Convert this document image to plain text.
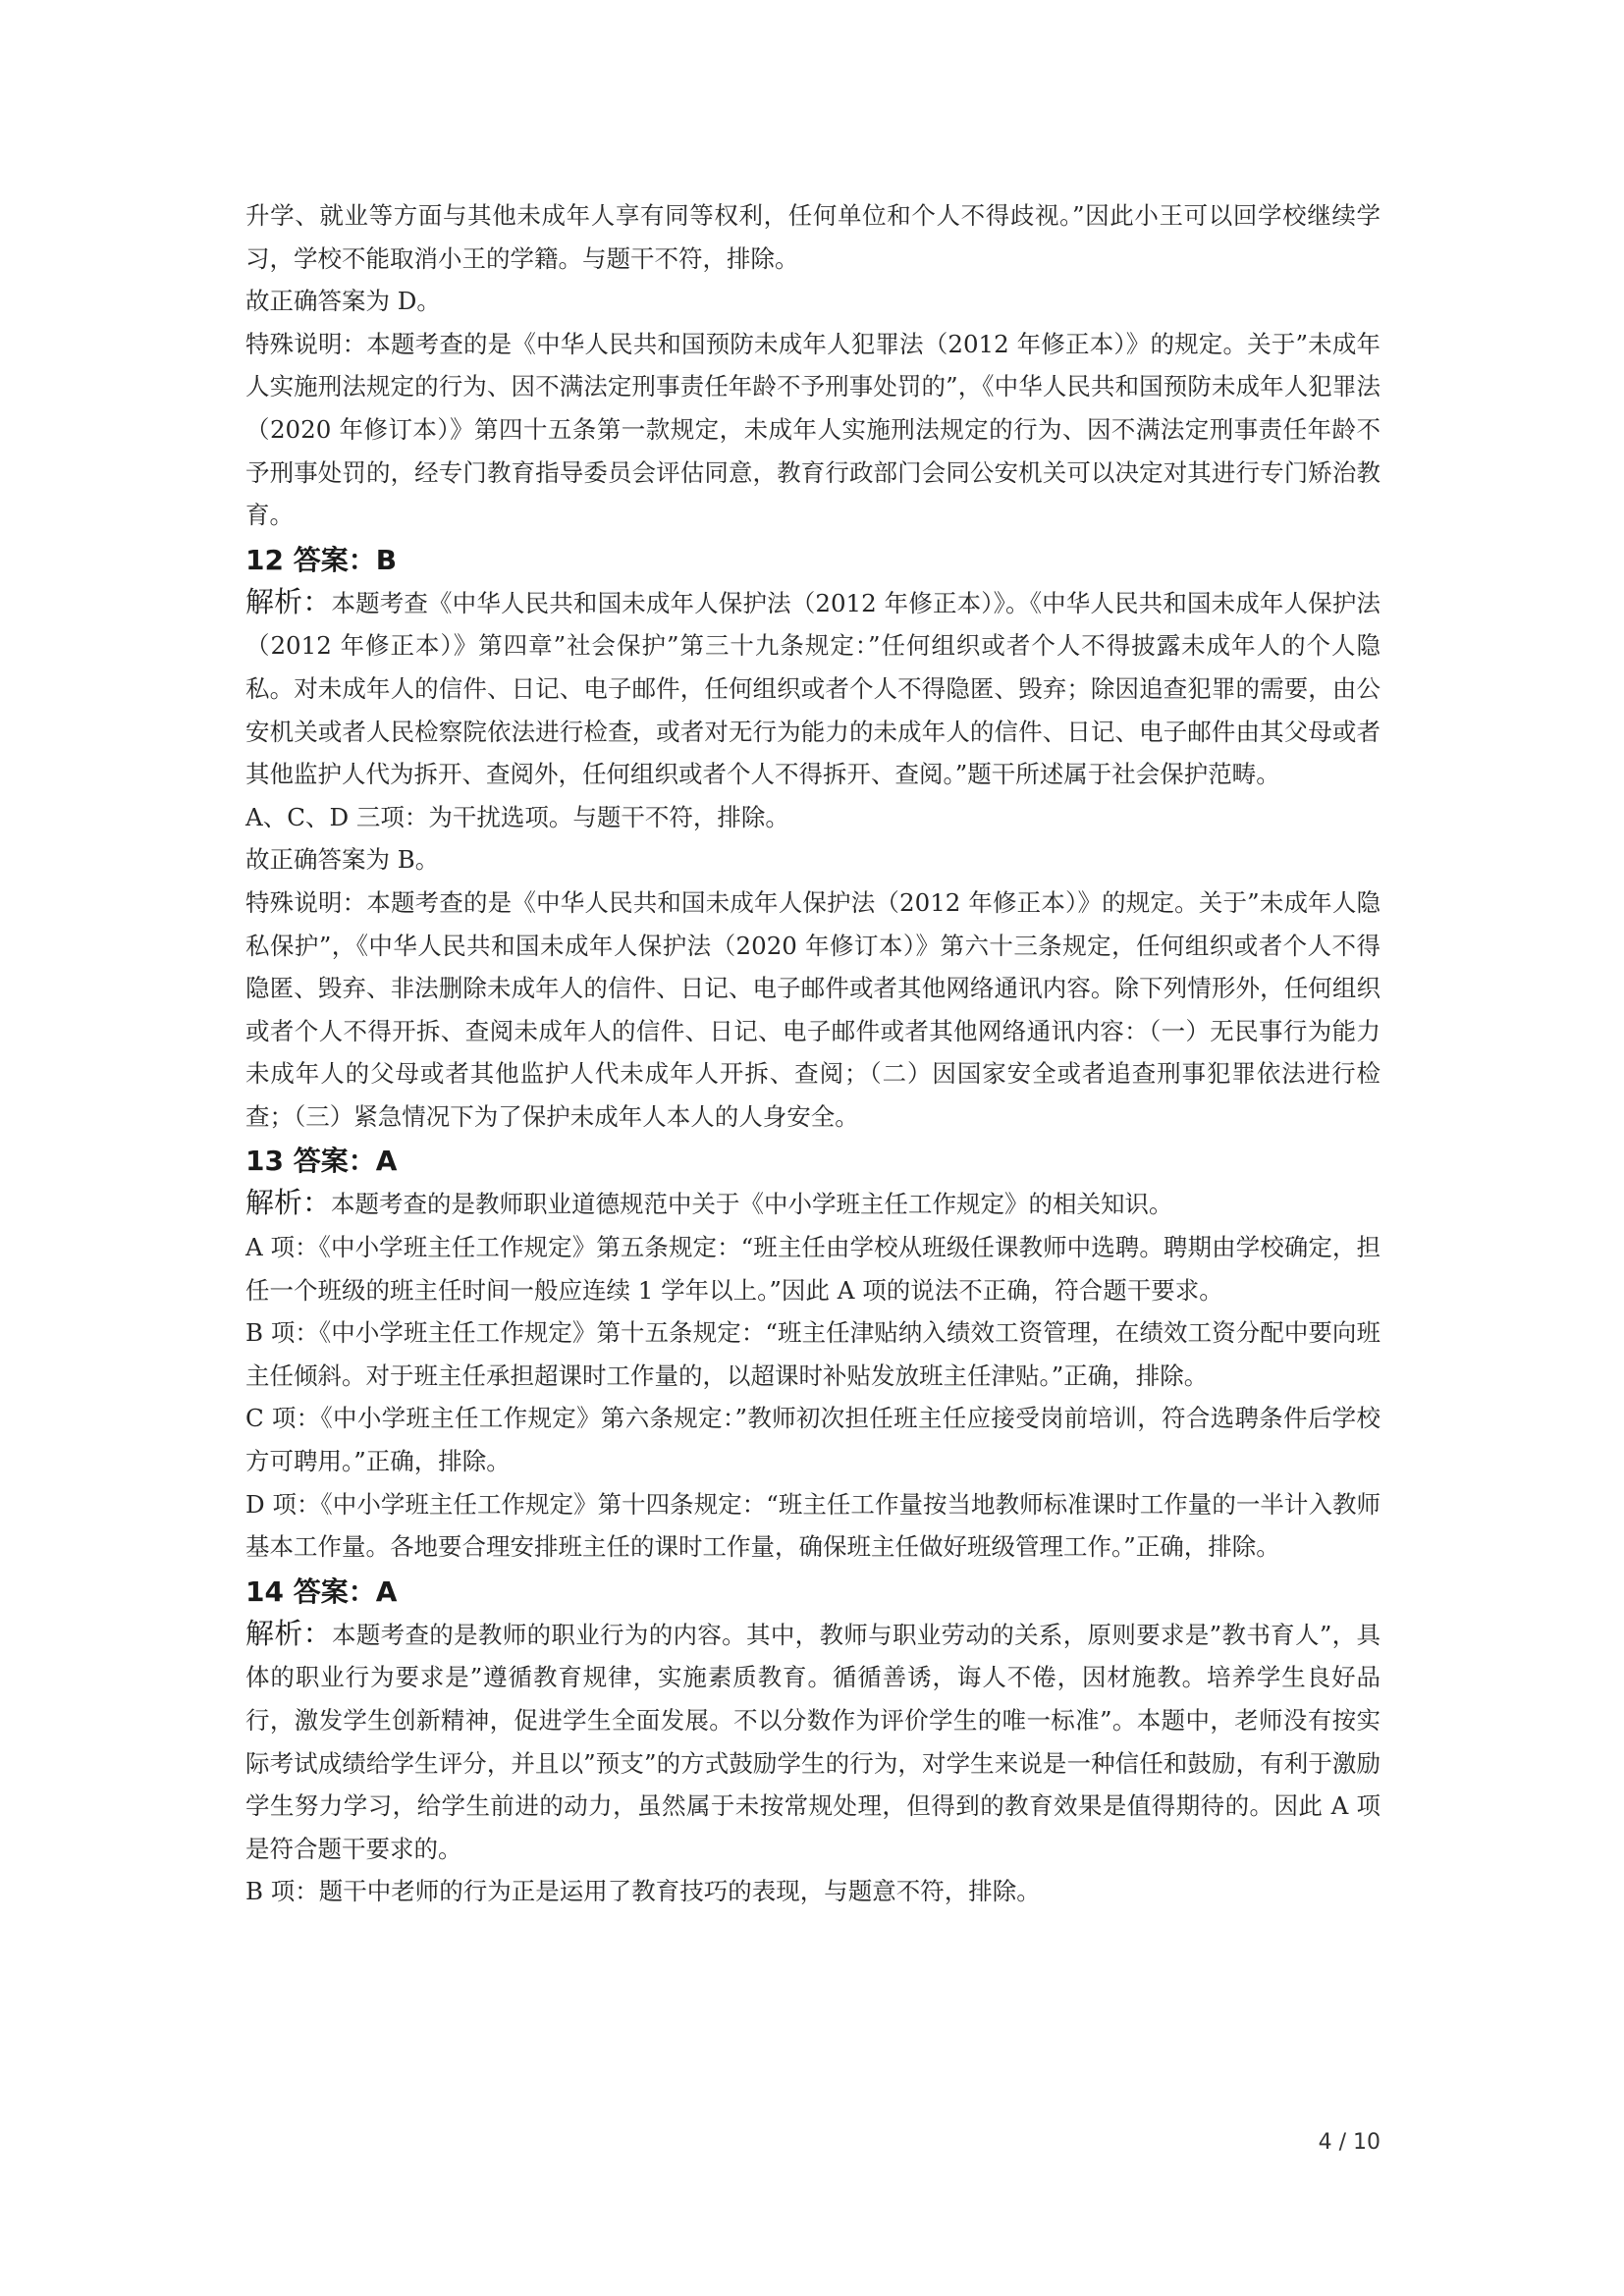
升学、就业等方面与其他未成年人享有同等权利，任何单位和个人不得歧视。”因此小王可以回学校继续学习，学校不能取消小王的学籍。与题干不符，排除。

故正确答案为 D。

特殊说明：本题考查的是《中华人民共和国预防未成年人犯罪法（2012 年修正本）》的规定。关于”未成年人实施刑法规定的行为、因不满法定刑事责任年龄不予刑事处罚的”，《中华人民共和国预防未成年人犯罪法（2020 年修订本）》第四十五条第一款规定，未成年人实施刑法规定的行为、因不满法定刑事责任年龄不予刑事处罚的，经专门教育指导委员会评估同意，教育行政部门会同公安机关可以决定对其进行专门矫治教育。

12 答案：B

解析：本题考查《中华人民共和国未成年人保护法（2012 年修正本）》。《中华人民共和国未成年人保护法（2012 年修正本）》第四章”社会保护”第三十九条规定：”任何组织或者个人不得披露未成年人的个人隐私。对未成年人的信件、日记、电子邮件，任何组织或者个人不得隐匿、毁弃；除因追查犯罪的需要，由公安机关或者人民检察院依法进行检查，或者对无行为能力的未成年人的信件、日记、电子邮件由其父母或者其他监护人代为拆开、查阅外，任何组织或者个人不得拆开、查阅。”题干所述属于社会保护范畴。

A、C、D 三项：为干扰选项。与题干不符，排除。

故正确答案为 B。

特殊说明：本题考查的是《中华人民共和国未成年人保护法（2012 年修正本）》的规定。关于”未成年人隐私保护”，《中华人民共和国未成年人保护法（2020 年修订本）》第六十三条规定，任何组织或者个人不得隐匿、毁弃、非法删除未成年人的信件、日记、电子邮件或者其他网络通讯内容。除下列情形外，任何组织或者个人不得开拆、查阅未成年人的信件、日记、电子邮件或者其他网络通讯内容：（一）无民事行为能力未成年人的父母或者其他监护人代未成年人开拆、查阅；（二）因国家安全或者追查刑事犯罪依法进行检查；（三）紧急情况下为了保护未成年人本人的人身安全。

13 答案：A

解析：本题考查的是教师职业道德规范中关于《中小学班主任工作规定》的相关知识。

A 项：《中小学班主任工作规定》第五条规定：“班主任由学校从班级任课教师中选聘。聘期由学校确定，担任一个班级的班主任时间一般应连续 1 学年以上。”因此 A 项的说法不正确，符合题干要求。

B 项：《中小学班主任工作规定》第十五条规定：“班主任津贴纳入绩效工资管理，在绩效工资分配中要向班主任倾斜。对于班主任承担超课时工作量的，以超课时补贴发放班主任津贴。”正确，排除。

C 项：《中小学班主任工作规定》第六条规定：”教师初次担任班主任应接受岗前培训，符合选聘条件后学校方可聘用。”正确，排除。

D 项：《中小学班主任工作规定》第十四条规定：“班主任工作量按当地教师标准课时工作量的一半计入教师基本工作量。各地要合理安排班主任的课时工作量，确保班主任做好班级管理工作。”正确，排除。

14 答案：A

解析：本题考查的是教师的职业行为的内容。其中，教师与职业劳动的关系，原则要求是”教书育人”，具体的职业行为要求是”遵循教育规律，实施素质教育。循循善诱，诲人不倦，因材施教。培养学生良好品行，激发学生创新精神，促进学生全面发展。不以分数作为评价学生的唯一标准”。本题中，老师没有按实际考试成绩给学生评分，并且以”预支”的方式鼓励学生的行为，对学生来说是一种信任和鼓励，有利于激励学生努力学习，给学生前进的动力，虽然属于未按常规处理，但得到的教育效果是值得期待的。因此 A 项是符合题干要求的。

B 项：题干中老师的行为正是运用了教育技巧的表现，与题意不符，排除。

4 / 10
